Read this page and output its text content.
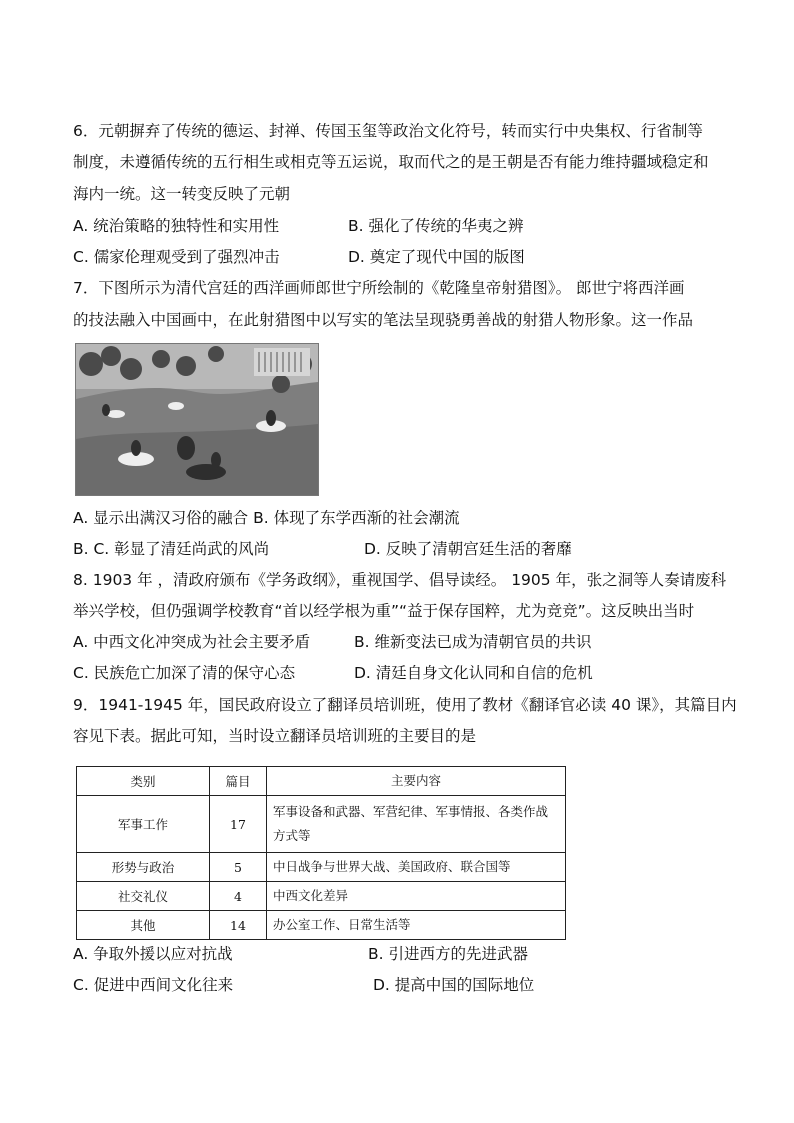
6．元朝摒弃了传统的德运、封禅、传国玉玺等政治文化符号，转而实行中央集权、行省制等
制度，未遵循传统的五行相生或相克等五运说，取而代之的是王朝是否有能力维持疆域稳定和
海内一统。这一转变反映了元朝
A. 统治策略的独特性和实用性	B. 强化了传统的华夷之辨
C. 儒家伦理观受到了强烈冲击	D. 奠定了现代中国的版图
7．下图所示为清代宫廷的西洋画师郎世宁所绘制的《乾隆皇帝射猎图》。 郎世宁将西洋画
的技法融入中国画中，在此射猎图中以写实的笔法呈现骁勇善战的射猎人物形象。这一作品
A. 显示出满汉习俗的融合 B. 体现了东学西渐的社会潮流
B. C. 彰显了清廷尚武的风尚	D. 反映了清朝宫廷生活的奢靡
8. 1903 年 ，清政府颁布《学务政纲》，重视国学、倡导读经。 1905 年，张之洞等人奏请废科
举兴学校，但仍强调学校教育“首以经学根为重”“益于保存国粹，尤为竞竞”。这反映出当时
A. 中西文化冲突成为社会主要矛盾	B. 维新变法已成为清朝官员的共识
C. 民族危亡加深了清的保守心态	D. 清廷自身文化认同和自信的危机
9．1941-1945 年，国民政府设立了翻译员培训班，使用了教材《翻译官必读 40 课》，其篇目内
容见下表。据此可知，当时设立翻译员培训班的主要目的是
类别	篇目	主要内容
军事工作	17	军事设备和武器、军营纪律、军事情报、各类作战方式等
形势与政治	5	中日战争与世界大战、美国政府、联合国等
社交礼仪	4	中西文化差异
其他	14	办公室工作、日常生活等
A. 争取外援以应对抗战	B. 引进西方的先进武器
C. 促进中西间文化往来	D. 提高中国的国际地位
